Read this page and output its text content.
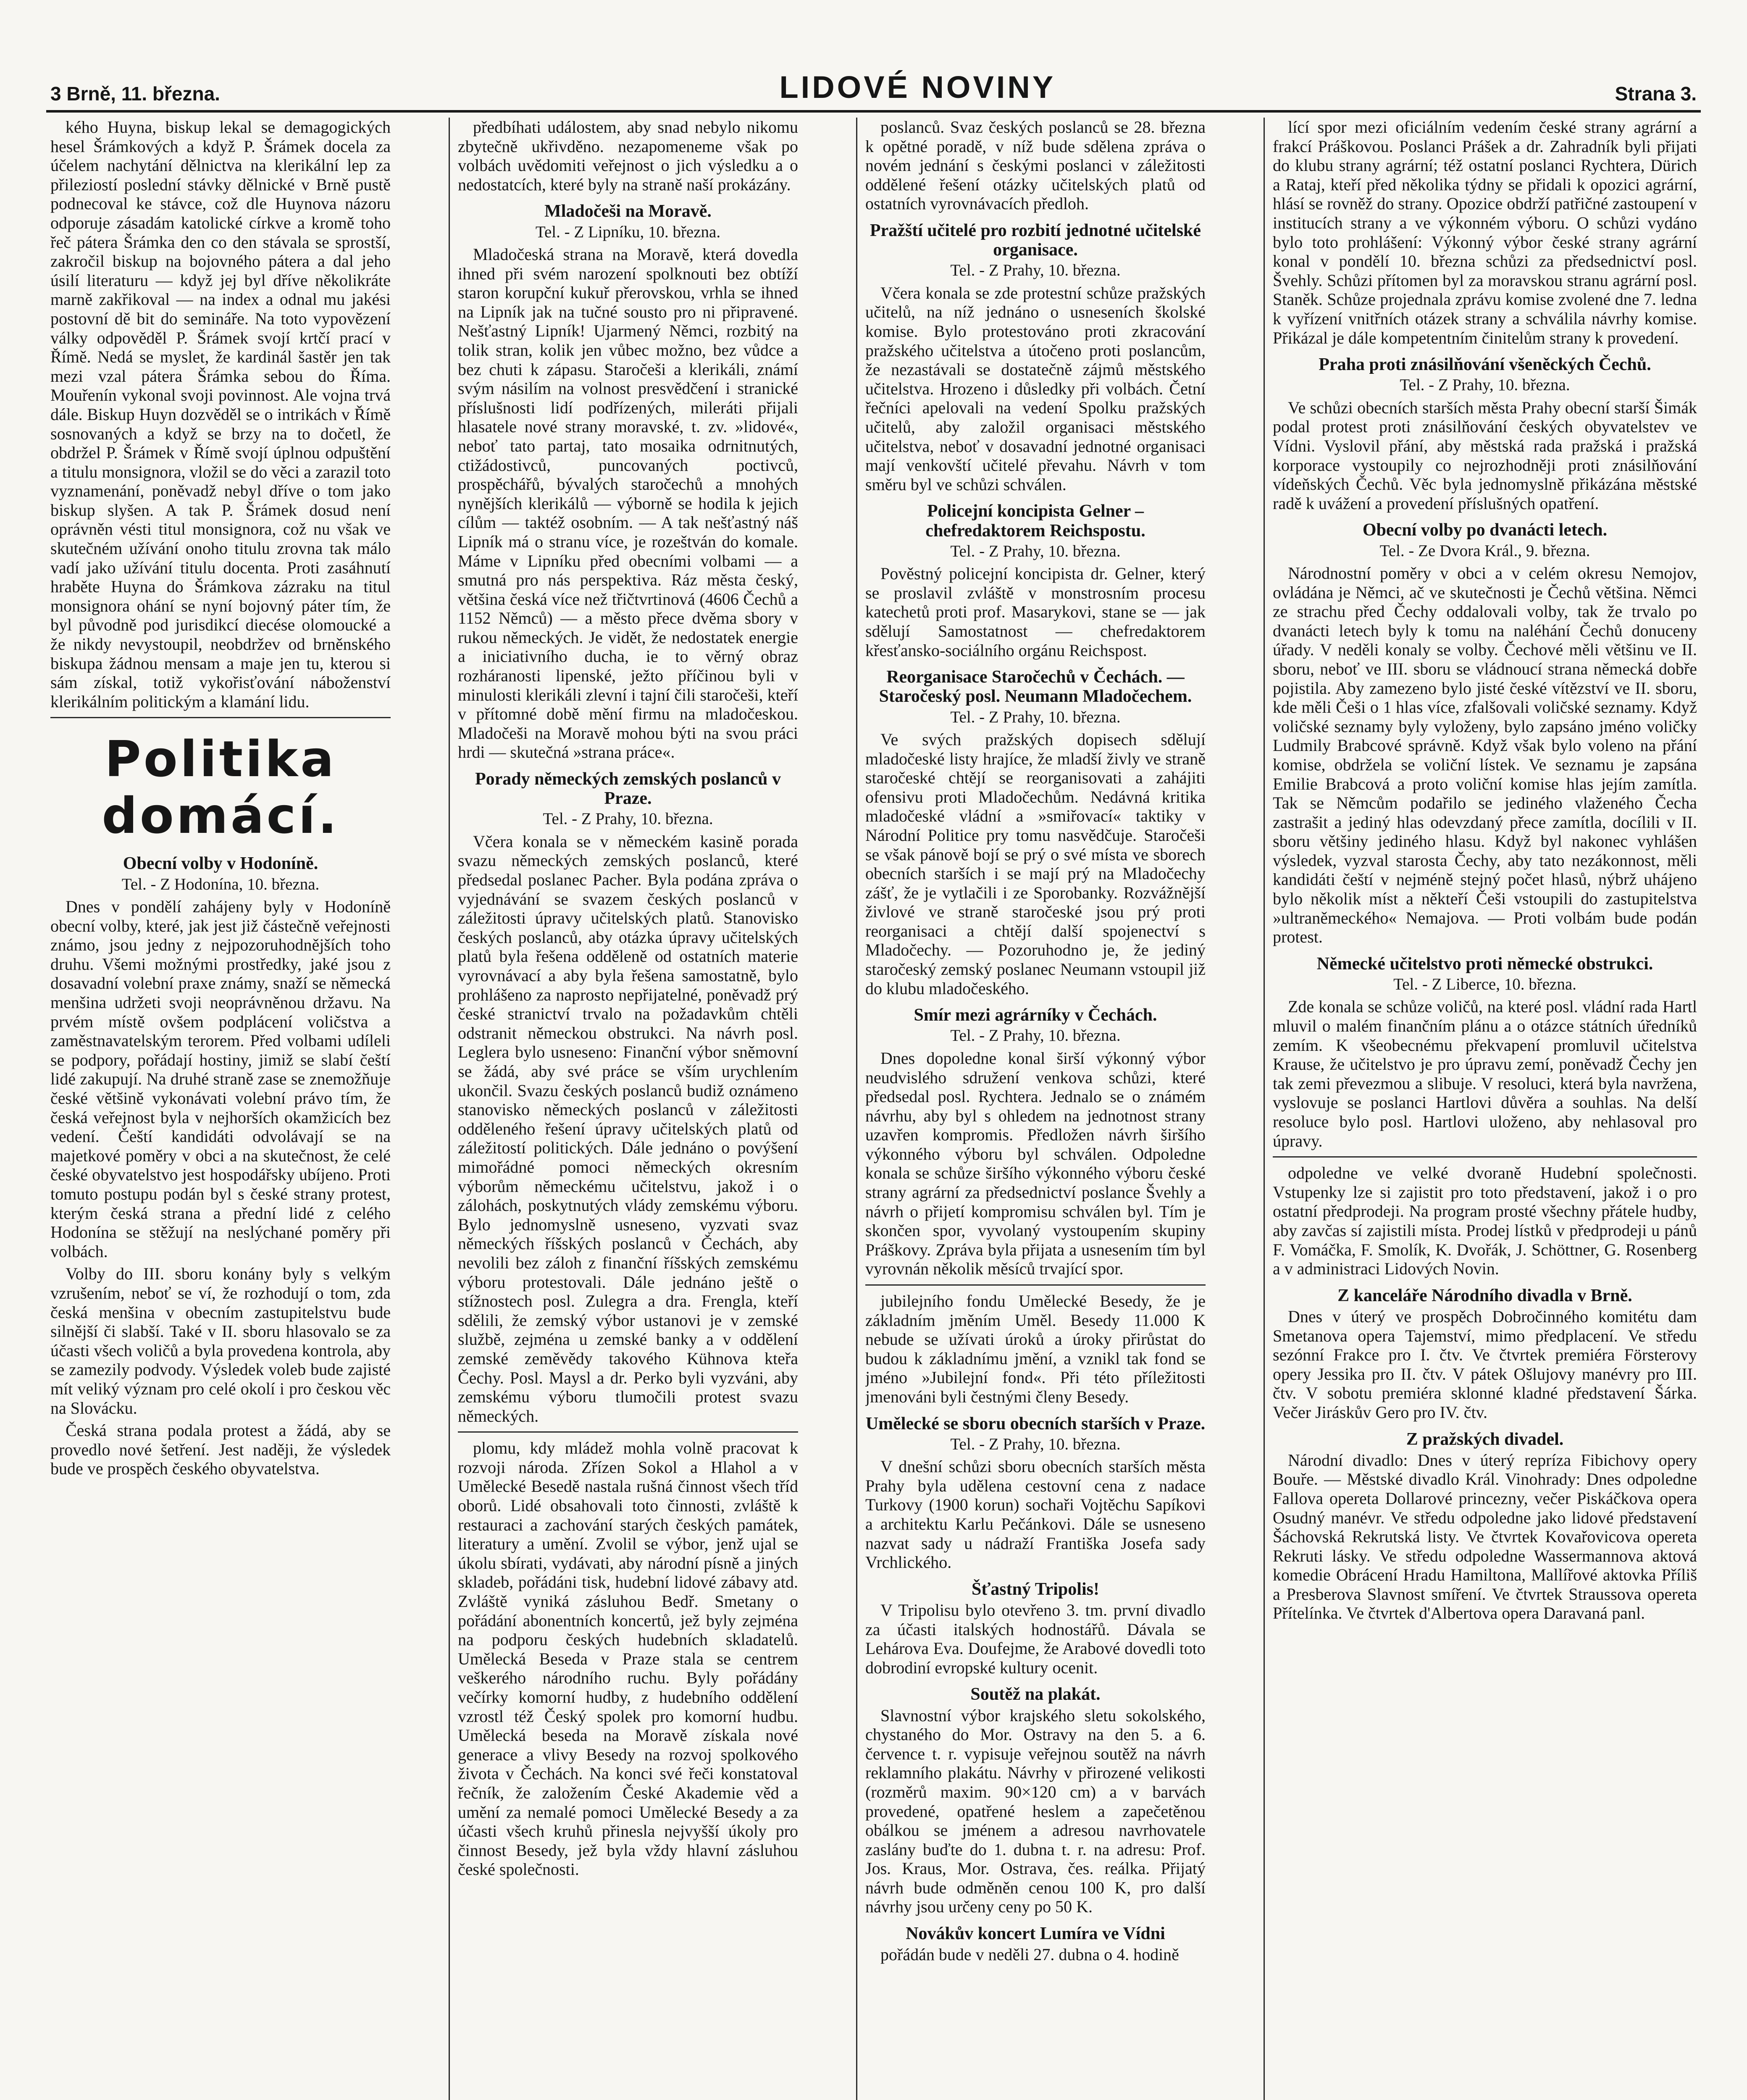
3 Brně, 11. března.	LIDOVÉ NOVINY	Strana 3.

kého Huyna, biskup lekal se demagogických hesel Šrámkových a když P. Šrámek docela za účelem nachytání dělnictva na klerikální lep za přileziostí poslední stávky dělnické v Brně pustě podnecoval ke stávce, což dle Huynova názoru odporuje zásadám katolické církve a kromě toho řeč páterа Šrámka den co den stávala se sprostší, zakročil biskup na bojovného páterа a dal jeho úsilí literaturu — když jej byl dříve několikráte marně zakřikoval — na index a odnal mu jakési postovní dě bit do semináře. Na toto vypovězení války odpověděl P. Šrámek svojí krtčí prací v Římě. Nedá se myslet, že kardinál šastěr jen tak mezi vzal páterа Šrámka sebou do Říma. Mouřenín vykonal svoji povinnost. Ale vojna trvá dále. Biskup Huyn dozvěděl se o intrikách v Římě sosnovaných a když se brzy na to dočetl, že obdržel P. Šrámek v Římě svojí úplnou odpuštění a titulu monsignora, vložil se do věci a zarazil toto vyznamenání, poněvadž nebyl dříve o tom jako biskup slyšen. A tak P. Šrámek dosud není oprávněn vésti titul monsignora, což nu však ve skutečném užívání onoho titulu zrovna tak málo vadí jako užívání titulu docenta. Proti zasáhnutí hraběte Huyna do Šrámkova zázraku na titul monsignora ohání se nyní bojovný páter tím, že byl původně pod jurisdikcí diecése olomoucké a že nikdy nevystoupil, neobdržev od brněnského biskupa žádnou mensam a maje jen tu, kterou si sám získal, totiž vykořisťování náboženství klerikálním politickým a klamání lidu.

Politika domácí.
Obecní volby v Hodoníně.
Tel. - Z Hodonína, 10. března.

Dnes v pondělí zahájeny byly v Hodoníně obecní volby, které, jak jest již částečně veřejnosti známo, jsou jedny z nejpozoruhodnějších toho druhu. Všemi možnými prostředky, jaké jsou z dosavadní volební praxe známy, snaží se německá menšina udržeti svoji neoprávněnou državu. Na prvém místě ovšem podplácení voličstva a zaměstnavatelským terorem. Před volbami udíleli se podpory, pořádají hostiny, jimiž se slabí čeští lidé zakupují. Na druhé straně zase se znemožňuje české většině vykonávati volební právo tím, že česká veřejnost byla v nejhorších okamžicích bez vedení. Čeští kandidáti odvolávají se na majetkové poměry v obci a na skutečnost, že celé české obyvatelstvo jest hospodářsky ubíjeno. Proti tomuto postupu podán byl s české strany protest, kterým česká strana a přední lidé z celého Hodonína se stěžují na neslýchané poměry při volbách.

Volby do III. sboru konány byly s velkým vzrušením, neboť se ví, že rozhodují o tom, zda česká menšina v obecním zastupitelstvu bude silnější či slabší. Také v II. sboru hlasovalo se za účasti všech voličů a byla provedena kontrola, aby se zamezily podvody. Výsledek voleb bude zajisté mít veliký význam pro celé okolí i pro českou věc na Slovácku.

Česká strana podala protest a žádá, aby se provedlo nové šetření. Jest naději, že výsledek bude ve prospěch českého obyvatelstva.

předbíhati událostem, aby snad nebylo nikomu zbytečně ukřivděno. nezapomeneme však po volbách uvědomiti veřejnost o jich výsledku a o nedostatcích, které byly na straně naší prokázány.

Mladočeši na Moravě.
Tel. - Z Lipníku, 10. března.

Mladočeská strana na Moravě, která dovedla ihned při svém narození spolknouti bez obtíží staron korupční kukuř přerovskou, vrhla se ihned na Lipník jak na tučné sousto pro ni připravené. Nešťastný Lipník! Ujarmený Němci, rozbitý na tolik stran, kolik jen vůbec možno, bez vůdce a bez chuti k zápasu. Staročeši a klerikáli, známí svým násilím na volnost presvědčení i stranické příslušnosti lidí podřízených, mileráti přijali hlasatele nové strany moravské, t. zv. »lidové«, neboť tato partaj, tato mosaika odrnitnutých, ctižádostivců, puncovaných poctivců, prospěchářů, bývalých staročechů a mnohých nynějších klerikálů — výborně se hodila k jejich cílům — taktéž osobním. — A tak nešťastný náš Lipník má o stranu více, je rozeštván do komale. Máme v Lipníku před obecními volbami — a smutná pro nás perspektiva. Ráz města český, většina česká více než třičtvrtinová (4606 Čechů a 1152 Němců) — a město přece dvěma sbory v rukou německých. Je vidět, že nedostatek energie a iniciativního ducha, ie to věrný obraz rozháranosti lipenské, ježto příčinou byli v minulosti klerikáli zlevní i tajní čili staročeši, kteří v přítomné době mění firmu na mladočeskou. Mladočeši na Moravě mohou býti na svou práci hrdi — skutečná »strana práce«.

Porady německých zemských poslanců v Praze.
Tel. - Z Prahy, 10. března.

Včera konala se v německém kasině porada svazu německých zemských poslanců, které předsedal poslanec Pacher. Byla podána zpráva o vyjednávání se svazem českých poslanců v záležitosti úpravy učitelských platů. Stanovisko českých poslanců, aby otázka úpravy učitelských platů byla řešena odděleně od ostatních materie vyrovnávací a aby byla řešena samostatně, bylo prohlášeno za naprosto nepřijatelné, poněvadž prý české stranictví trvalo na požadavkům chtěli odstranit německou obstrukci. Na návrh posl. Leglera bylo usneseno: Finanční výbor sněmovní se žádá, aby své práce se vším urychlením ukončil. Svazu českých poslanců budiž oznámeno stanovisko německých poslanců v záležitosti odděleného řešení úpravy učitelských platů od záležitostí politických. Dále jednáno o povýšení mimořádné pomoci německých okresním výborům německému učitelstvu, jakož i o zálohách, poskytnutých vlády zemskému výboru. Bylo jednomyslně usneseno, vyzvati svaz německých říšských poslanců v Čechách, aby nevolili bez záloh z finanční říšských zemskému výboru protestovali. Dále jednáno ještě o stížnostech posl. Zulegra a dra. Frengla, kteří sdělili, že zemský výbor ustanovi je v zemské službě, zejména u zemské banky a v oddělení zemské zeměvědy takového Kühnova kteřa Čechy. Posl. Maysl a dr. Perko byli vyzváni, aby zemskému výboru tlumočili protest svazu německých.

plomu, kdy mládež mohla volně pracovat k rozvoji národa. Zřízen Sokol a Hlahol a v Umělecké Besedě nastala rušná činnost všech tříd oborů. Lidé obsahovali toto činnosti, zvláště k restauraci a zachování starých českých památek, literatury a umění. Zvolil se výbor, jenž ujal se úkolu sbírati, vydávati, aby národní písně a jiných skladeb, pořádáni tisk, hudební lidové zábavy atd. Zvláště vyniká zásluhou Bedř. Smetany o pořádání abonentních koncertů, jež byly zejména na podporu českých hudebních skladatelů. Umělecká Beseda v Praze stala se centrem veškerého národního ruchu. Byly pořádány večírky komorní hudby, z hudebního oddělení vzrostl též Český spolek pro komorní hudbu. Umělecká beseda na Moravě získala nové generace a vlivy Besedy na rozvoj spolkového života v Čechách. Na konci své řeči konstatoval řečník, že založením České Akademie věd a umění za nemalé pomoci Umělecké Besedy a za účasti všech kruhů přinesla nejvyšší úkoly pro činnost Besedy, jež byla vždy hlavní zásluhou české společnosti.

poslanců. Svaz českých poslanců se 28. března k opětné poradě, v níž bude sdělena zpráva o novém jednání s českými poslanci v záležitosti oddělené řešení otázky učitelských platů od ostatních vyrovnávacích předloh.

Pražští učitelé pro rozbití jednotné učitelské organisace.
Tel. - Z Prahy, 10. března.

Včera konala se zde protestní schůze pražských učitelů, na níž jednáno o usneseních školské komise. Bylo protestováno proti zkracování pražského učitelstva a útočeno proti poslancům, že nezastávali se dostatečně zájmů městského učitelstva. Hrozeno i důsledky při volbách. Četní řečníci apelovali na vedení Spolku pražských učitelů, aby založil organisaci městského učitelstva, neboť v dosavadní jednotné organisaci mají venkovští učitelé převahu. Návrh v tom směru byl ve schůzi schválen.

Policejní koncipista Gelner – chefredaktorem Reichspostu.
Tel. - Z Prahy, 10. března.

Pověstný policejní koncipista dr. Gelner, který se proslavil zvláště v monstrosním procesu katechetů proti prof. Masarykovi, stane se — jak sdělují Samostatnost — chefredaktorem křesťansko-sociálního orgánu Reichspost.

Reorganisace Staročechů v Čechách. — Staročeský posl. Neumann Mladočechem.
Tel. - Z Prahy, 10. března.

Ve svých pražských dopisech sdělují mladočeské listy hrajíce, že mladší živly ve straně staročeské chtějí se reorganisovati a zahájiti ofensivu proti Mladočechům. Nedávná kritika mladočeské vládní a »smiřovací« taktiky v Národní Politice pry tomu nasvědčuje. Staročeši se však pánově bojí se prý o své místa ve sborech obecních starších i se mají prý na Mladočechy zášť, že je vytlačili i ze Sporobanky. Rozvážnější živlové ve straně staročeské jsou prý proti reorganisaci a chtějí další spojenectví s Mladočechy. — Pozoruhodno je, že jediný staročeský zemský poslanec Neumann vstoupil již do klubu mladočeského.

Smír mezi agrárníky v Čechách.
Tel. - Z Prahy, 10. března.

Dnes dopoledne konal širší výkonný výbor neudvislého sdružení venkova schůzi, které předsedal posl. Rychtera. Jednalo se o známém návrhu, aby byl s ohledem na jednotnost strany uzavřen kompromis. Předložen návrh širšího výkonného výboru byl schválen. Odpoledne konala se schůze širšího výkonného výboru české strany agrární za předsednictví poslance Švehly a návrh o přijetí kompromisu schválen byl. Tím je skončen spor, vyvolaný vystoupením skupiny Práškovy. Zpráva byla přijata a usnesením tím byl vyrovnán několik měsíců trvající spor.

jubilejního fondu Umělecké Besedy, že je základním jměním Uměl. Besedy 11.000 K nebude se užívati úroků a úroky přirůstat do budou k základnímu jmění, a vznikl tak fond se jméno »Jubilejní fond«. Při této příležitosti jmenováni byli čestnými členy Besedy.

Umělecké se sboru obecních starších v Praze.
Tel. - Z Prahy, 10. března.

V dnešní schůzi sboru obecních starších města Prahy byla udělena cestovní cena z nadace Turkovy (1900 korun) sochaři Vojtěchu Sapíkovi a architektu Karlu Pečánkovi. Dále se usneseno nazvat sady u nádraží Františka Josefa sady Vrchlického.

Šťastný Tripolis!

V Tripolisu bylo otevřeno 3. tm. první divadlo za účasti italských hodnostářů. Dávala se Lehárova Eva. Doufejme, že Arabové dovedli toto dobrodiní evropské kultury ocenit.

Soutěž na plakát.

Slavnostní výbor krajského sletu sokolského, chystaného do Mor. Ostravy na den 5. a 6. července t. r. vypisuje veřejnou soutěž na návrh reklamního plakátu. Návrhy v přirozené velikosti (rozměrů maxim. 90×120 cm) a v barvách provedené, opatřené heslem a zapečetěnou obálkou se jménem a adresou navrhovatele zaslány buďte do 1. dubna t. r. na adresu: Prof. Jos. Kraus, Mor. Ostrava, čes. reálka. Přijatý návrh bude odměněn cenou 100 K, pro další návrhy jsou určeny ceny po 50 K.

Novákův koncert Lumíra ve Vídni

pořádán bude v neděli 27. dubna o 4. hodině

lící spor mezi oficiálním vedením české strany agrární a frakcí Práškovou. Poslanci Prášek a dr. Zahradník byli přijati do klubu strany agrární; též ostatní poslanci Rychtera, Dürich a Rataj, kteří před několika týdny se přidali k opozici agrární, hlásí se rovněž do strany. Opozice obdrží patřičné zastoupení v institucích strany a ve výkonném výboru. O schůzi vydáno bylo toto prohlášení: Výkonný výbor české strany agrární konal v pondělí 10. března schůzi za předsednictví posl. Švehly. Schůzi přítomen byl za moravskou stranu agrární posl. Staněk. Schůze projednala zprávu komise zvolené dne 7. ledna k vyřízení vnitřních otázek strany a schválila návrhy komise. Přikázal je dále kompetentním činitelům strany k provedení.

Praha proti znásilňování všeněckých Čechů.
Tel. - Z Prahy, 10. března.

Ve schůzi obecních starších města Prahy obecní starší Šimák podal protest proti znásilňování českých obyvatelstev ve Vídni. Vyslovil přání, aby městská rada pražská i pražská korporace vystoupily co nejrozhodněji proti znásilňování vídeňských Čechů. Věc byla jednomyslně přikázána městské radě k uvážení a provedení příslušných opatření.

Obecní volby po dvanácti letech.
Tel. - Ze Dvora Král., 9. března.

Národnostní poměry v obci a v celém okresu Nemojov, ovládána je Němci, ač ve skutečnosti je Čechů většina. Němci ze strachu před Čechy oddalovali volby, tak že trvalo po dvanácti letech byly k tomu na naléhání Čechů donuceny úřady. V neděli konaly se volby. Čechové měli většinu ve II. sboru, neboť ve III. sboru se vládnoucí strana německá dobře pojistila. Aby zamezeno bylo jisté české vítězství ve II. sboru, kde měli Češi o 1 hlas více, zfalšovali voličské seznamy. Když voličské seznamy byly vyloženy, bylo zapsáno jméno voličky Ludmily Brabcové správně. Když však bylo voleno na přání komise, obdržela se voliční lístek. Ve seznamu je zapsána Emilie Brabcová a proto voliční komise hlas jejím zamítla. Tak se Němcům podařilo se jediného vlaženého Čecha zastrašit a jediný hlas odevzdaný přece zamítla, docílili v II. sboru většiny jediného hlasu. Když byl nakonec vyhlášen výsledek, vyzval starosta Čechy, aby tato nezákonnost, měli kandidáti čeští v nejméně stejný počet hlasů, nýbrž uhájeno bylo několik míst a někteří Češi vstoupili do zastupitelstva »ultraněmeckého« Nemajova. — Proti volbám bude podán protest.

Německé učitelstvo proti německé obstrukci.
Tel. - Z Liberce, 10. března.

Zde konala se schůze voličů, na které posl. vládní rada Hartl mluvil o malém finančním plánu a o otázce státních úředníků zemím. K všeobecnému překvapení promluvil učitelstva Krause, že učitelstvo je pro úpravu zemí, poněvadž Čechy jen tak zemi převezmou a slibuje. V resoluci, která byla navržena, vyslovuje se poslanci Hartlovi důvěra a souhlas. Na delší resoluce bylo posl. Hartlovi uloženo, aby nehlasoval pro úpravy.

odpoledne ve velké dvoraně Hudební společnosti. Vstupenky lze si zajistit pro toto představení, jakož i o pro ostatní předprodeji. Na program prosté všechny přátele hudby, aby zavčas sí zajistili místa. Prodej lístků v předprodeji u pánů F. Vomáčka, F. Smolík, K. Dvořák, J. Schöttner, G. Rosenberg a v administraci Lidových Novin.

Z kanceláře Národního divadla v Brně.

Dnes v úterý ve prospěch Dobročinného komitétu dam Smetanova opera Tajemství, mimo předplacení. Ve středu sezónní Frakce pro I. čtv. Ve čtvrtek premiéra Försterovy opery Jessika pro II. čtv. V pátek Ošlujovy manévry pro III. čtv. V sobotu premiéra sklonné kladné představení Šárka. Večer Jiráskův Gero pro IV. čtv.

Z pražských divadel.

Národní divadlo: Dnes v úterý repríza Fibichovy opery Bouře. — Městské divadlo Král. Vinohrady: Dnes odpoledne Fallova opereta Dollarové princezny, večer Piskáčkova opera Osudný manévr. Ve středu odpoledne jako lidové představení Šáchovská Rekrutská listy. Ve čtvrtek Kovařovicova opereta Rekruti lásky. Ve středu odpoledne Wassermannova aktová komedie Obrácení Hradu Hamiltona, Mallířové aktovka Příliš a Presberova Slavnost smíření. Ve čtvrtek Straussova opereta Přítelínka. Ve čtvrtek d'Albertova opera Daravaná panl.
